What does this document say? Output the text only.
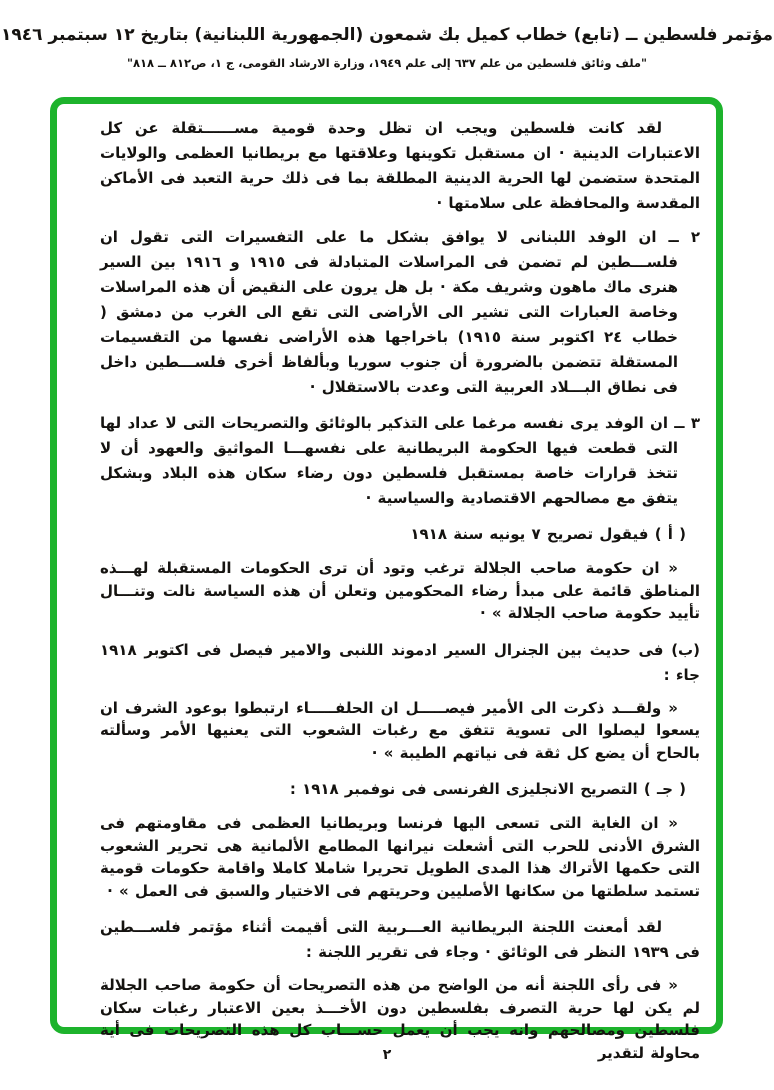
مؤتمر فلسطين ــ (تابع) خطاب كميل بك شمعون (الجمهورية اللبنانية) بتاريخ ١٢ سبتمبر ١٩٤٦
"ملف وثائق فلسطين من علم ٦٣٧ إلى علم ١٩٤٩، وزارة الارشاد القومى، ج ١، ص٨١٢ ــ ٨١٨"

لقد كانت فلسطين ويجب ان تظل وحدة قومية مســــــتقلة عن كل الاعتبارات الدينية · ان مستقبل تكوينها وعلاقتها مع بريطانيا العظمى والولايات المتحدة ستضمن لها الحرية الدينية المطلقة بما فى ذلك حرية التعبد فى الأماكن المقدسة والمحافظة على سلامتها ·

٢ ــ ان الوفد اللبنانى لا يوافق بشكل ما على التفسيرات التى تقول ان فلســـطين لم تضمن فى المراسلات المتبادلة فى ١٩١٥ و ١٩١٦ بين السير هنرى ماك ماهون وشريف مكة · بل هل يرون على النقيض أن هذه المراسلات وخاصة العبارات التى تشير الى الأراضى التى تقع الى الغرب من دمشق ( خطاب ٢٤ اكتوبر سنة ١٩١٥) باخراجها هذه الأراضى نفسها من التقسيمات المستقلة تتضمن بالضرورة أن جنوب سوريا وبألفاظ أخرى فلســـطين داخل فى نطاق البـــلاد العربية التى وعدت بالاستقلال ·

٣ ــ ان الوفد يرى نفسه مرغما على التذكير بالوثائق والتصريحات التى لا عداد لها التى قطعت فيها الحكومة البريطانية على نفسهـــا المواثيق والعهود أن لا تتخذ قرارات خاصة بمستقبل فلسطين دون رضاء سكان هذه البلاد وبشكل يتفق مع مصالحهم الاقتصادية والسياسية ·

( أ ) فيقول تصريح ٧ يونيه سنة ١٩١٨

« ان حكومة صاحب الجلالة ترغب وتود أن ترى الحكومات المستقبلة لهـــذه المناطق قائمة على مبدأ رضاء المحكومين وتعلن أن هذه السياسة نالت وتنـــال تأييد حكومة صاحب الجلالة » ·

(ب) فى حديث بين الجنرال السير ادموند اللنبى والامير فيصل فى اكتوبر ١٩١٨ جاء :

« ولقـــد ذكرت الى الأمير فيصـــــل ان الحلفـــــاء ارتبطوا بوعود الشرف ان يسعوا ليصلوا الى تسوية تتفق مع رغبات الشعوب التى يعنيها الأمر وسألته بالحاح أن يضع كل ثقة فى نياتهم الطيبة » ·

( جـ ) التصريح الانجليزى الفرنسى فى نوفمبر ١٩١٨ :

« ان الغاية التى تسعى اليها فرنسا وبريطانيا العظمى فى مقاومتهم فى الشرق الأدنى للحرب التى أشعلت نيرانها المطامع الألمانية هى تحرير الشعوب التى حكمها الأتراك هذا المدى الطويل تحريرا شاملا كاملا واقامة حكومات قومية تستمد سلطتها من سكانها الأصليين وحريتهم فى الاختيار والسبق فى العمل » ·

لقد أمعنت اللجنة البريطانية العـــربية التى أقيمت أثناء مؤتمر فلســـطين فى ١٩٣٩ النظر فى الوثائق · وجاء فى تقرير اللجنة :

« فى رأى اللجنة أنه من الواضح من هذه التصريحات أن حكومة صاحب الجلالة لم يكن لها حرية التصرف بفلسطين دون الأخـــذ بعين الاعتبار رغبات سكان فلسطين ومصالحهم وانه يجب أن يعمل حســـاب كل هذه التصريحات فى أية محاولة لتقدير

٢
